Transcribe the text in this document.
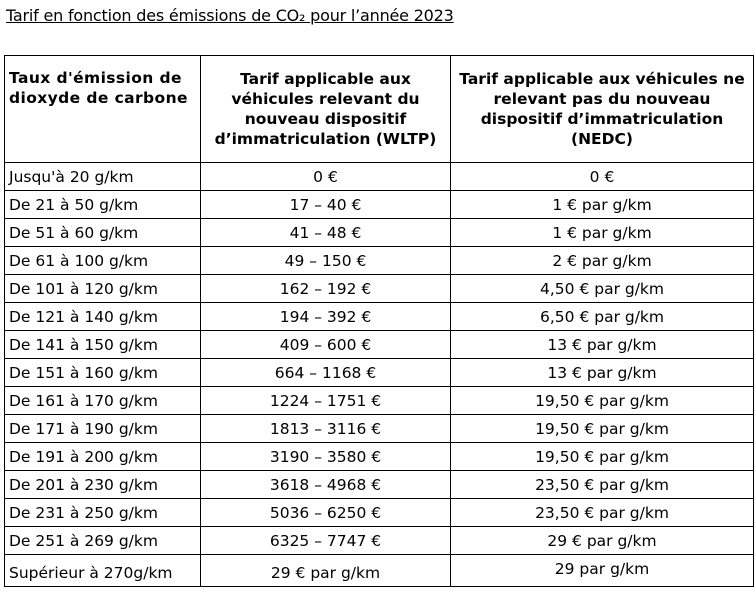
Tarif en fonction des émissions de CO₂ pour l’année 2023
Taux d'émission de dioxyde de carbone	Tarif applicable aux véhicules relevant du nouveau dispositif d’immatriculation (WLTP)	Tarif applicable aux véhicules ne relevant pas du nouveau dispositif d’immatriculation (NEDC)
Jusqu'à 20 g/km	0 €	0 €
De 21 à 50 g/km	17 – 40 €	1 € par g/km
De 51 à 60 g/km	41 – 48 €	1 € par g/km
De 61 à 100 g/km	49 – 150 €	2 € par g/km
De 101 à 120 g/km	162 – 192 €	4,50 € par g/km
De 121 à 140 g/km	194 – 392 €	6,50 € par g/km
De 141 à 150 g/km	409 – 600 €	13 € par g/km
De 151 à 160 g/km	664 – 1168 €	13 € par g/km
De 161 à 170 g/km	1224 – 1751 €	19,50 € par g/km
De 171 à 190 g/km	1813 – 3116 €	19,50 € par g/km
De 191 à 200 g/km	3190 – 3580 €	19,50 € par g/km
De 201 à 230 g/km	3618 – 4968 €	23,50 € par g/km
De 231 à 250 g/km	5036 – 6250 €	23,50 € par g/km
De 251 à 269 g/km	6325 – 7747 €	29 € par g/km
Supérieur à 270g/km	29 € par g/km	29 par g/km
